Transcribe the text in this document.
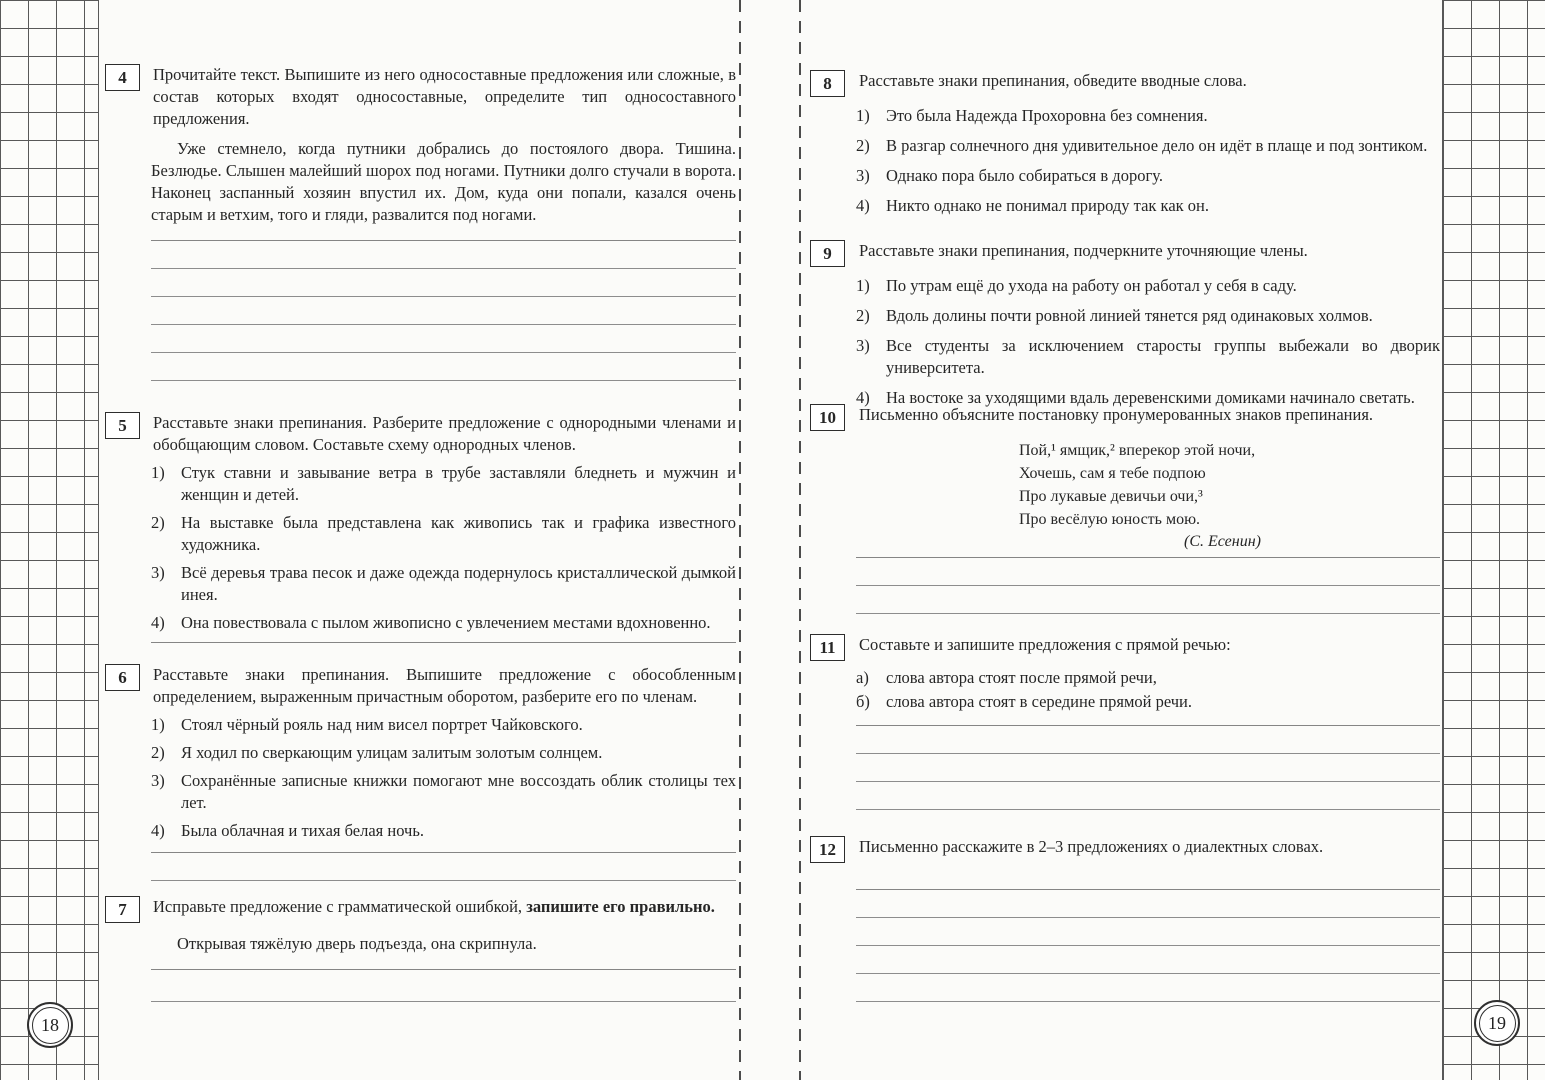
4	Прочитайте текст. Выпишите из него односоставные предложения или сложные, в состав которых входят односоставные, определите тип односоставного предложения.
Уже стемнело, когда путники добрались до постоялого двора. Тишина. Безлюдье. Слышен малейший шорох под ногами. Путники долго стучали в ворота. Наконец заспанный хозяин впустил их. Дом, куда они попали, казался очень старым и ветхим, того и гляди, развалится под ногами.
5	Расставьте знаки препинания. Разберите предложение с однородными членами и обобщающим словом. Составьте схему однородных членов.
1) Стук ставни и завывание ветра в трубе заставляли бледнеть и мужчин и женщин и детей.
2) На выставке была представлена как живопись так и графика известного художника.
3) Всё деревья трава песок и даже одежда подернулось кристаллической дымкой инея.
4) Она повествовала с пылом живописно с увлечением местами вдохновенно.
6	Расставьте знаки препинания. Выпишите предложение с обособленным определением, выраженным причастным оборотом, разберите его по членам.
1) Стоял чёрный рояль над ним висел портрет Чайковского.
2) Я ходил по сверкающим улицам залитым золотым солнцем.
3) Сохранённые записные книжки помогают мне воссоздать облик столицы тех лет.
4) Была облачная и тихая белая ночь.
7	Исправьте предложение с грамматической ошибкой, запишите его правильно.
Открывая тяжёлую дверь подъезда, она скрипнула.
18
8	Расставьте знаки препинания, обведите вводные слова.
1) Это была Надежда Прохоровна без сомнения.
2) В разгар солнечного дня удивительное дело он идёт в плаще и под зонтиком.
3) Однако пора было собираться в дорогу.
4) Никто однако не понимал природу так как он.
9	Расставьте знаки препинания, подчеркните уточняющие члены.
1) По утрам ещё до ухода на работу он работал у себя в саду.
2) Вдоль долины почти ровной линией тянется ряд одинаковых холмов.
3) Все студенты за исключением старосты группы выбежали во дворик университета.
4) На востоке за уходящими вдаль деревенскими домиками начинало светать.
10	Письменно объясните постановку пронумерованных знаков препинания.
Пой,¹ ямщик,² вперекор этой ночи,
Хочешь, сам я тебе подпою
Про лукавые девичьи очи,³
Про весёлую юность мою.
(С. Есенин)
11	Составьте и запишите предложения с прямой речью:
а) слова автора стоят после прямой речи,
б) слова автора стоят в середине прямой речи.
12	Письменно расскажите в 2–3 предложениях о диалектных словах.
19
